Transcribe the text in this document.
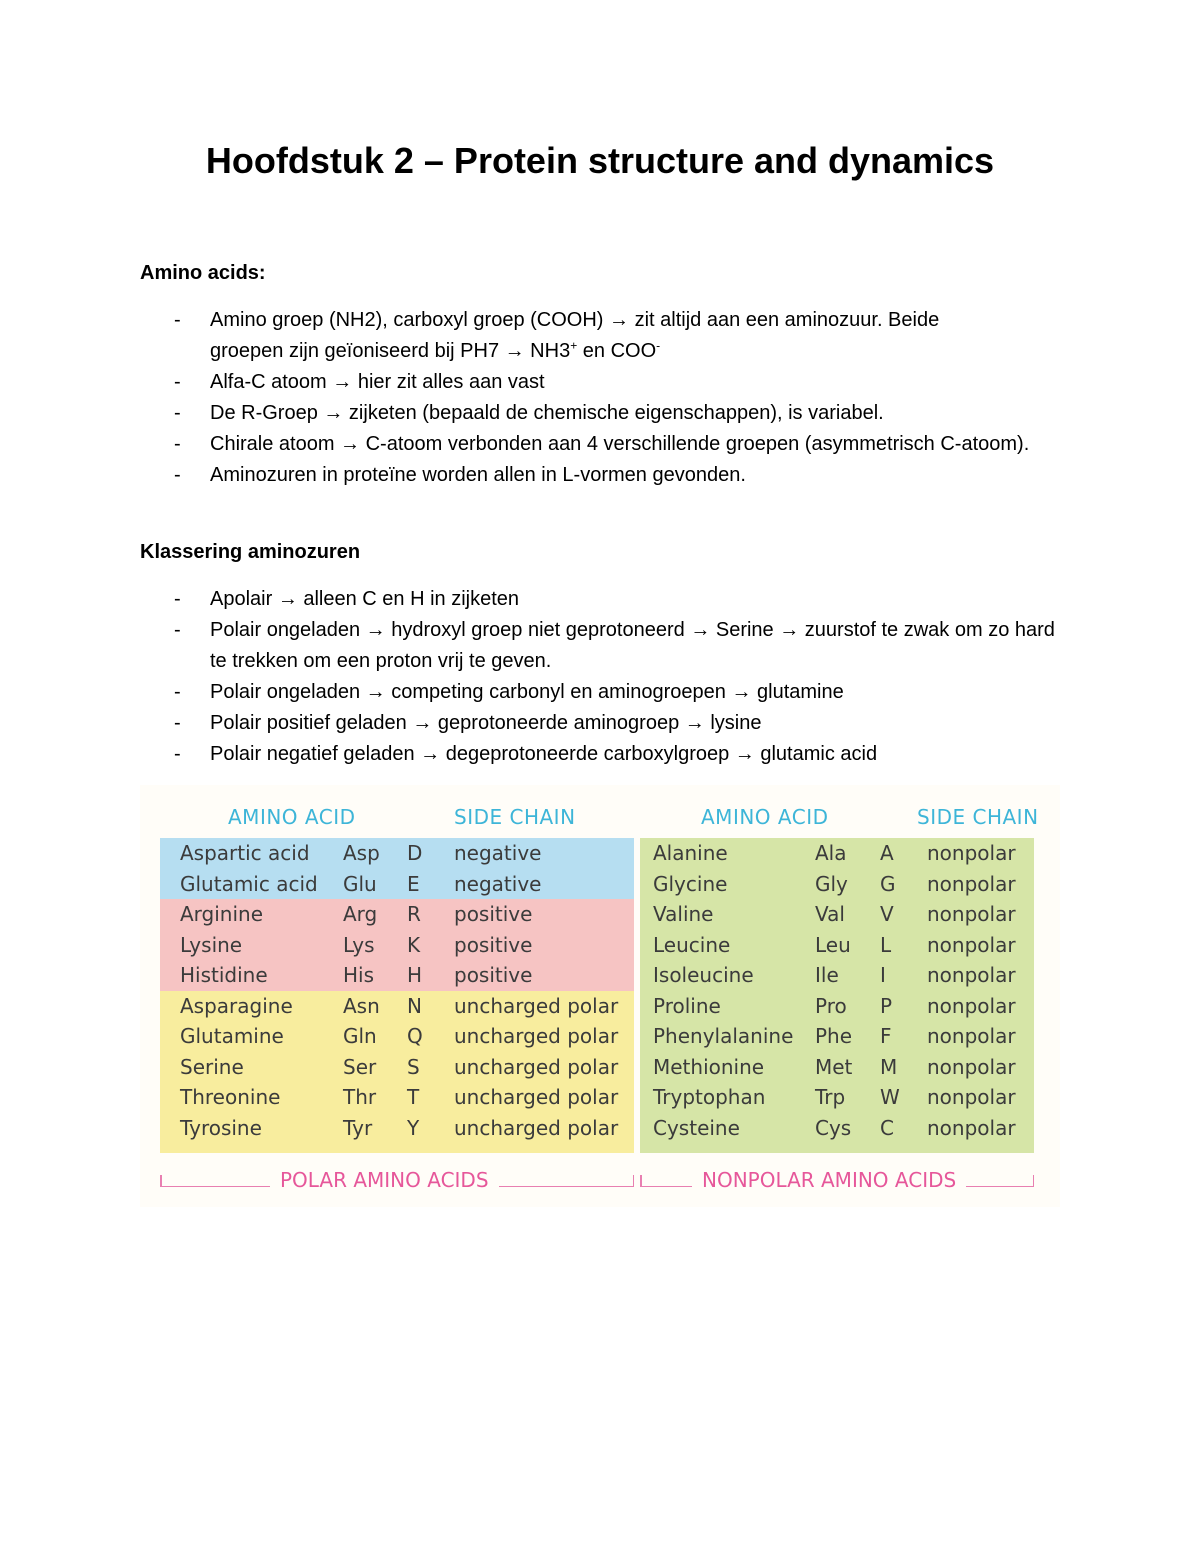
Hoofdstuk 2 – Protein structure and dynamics
Amino acids:
- Amino groep (NH2), carboxyl groep (COOH) → zit altijd aan een aminozuur. Beide
groepen zijn geïoniseerd bij PH7 → NH3+ en COO-
- Alfa-C atoom → hier zit alles aan vast
- De R-Groep → zijketen (bepaald de chemische eigenschappen), is variabel.
- Chirale atoom → C-atoom verbonden aan 4 verschillende groepen (asymmetrisch C-atoom).
- Aminozuren in proteïne worden allen in L-vormen gevonden.
Klassering aminozuren
- Apolair → alleen C en H in zijketen
- Polair ongeladen → hydroxyl groep niet geprotoneerd → Serine → zuurstof te zwak om zo hard te trekken om een proton vrij te geven.
- Polair ongeladen → competing carbonyl en aminogroepen → glutamine
- Polair positief geladen → geprotoneerde aminogroep → lysine
- Polair negatief geladen → degeprotoneerde carboxylgroep → glutamic acid
AMINO ACID	SIDE CHAIN	AMINO ACID	SIDE CHAIN
Aspartic acid Asp D negative
Glutamic acid Glu E negative
Arginine	Arg R positive
Lysine	Lys K positive
Histidine	His H positive
Asparagine	Asn N uncharged polar
Glutamine	Gln Q uncharged polar
Serine	Ser S uncharged polar
Threonine	Thr T uncharged polar
Tyrosine	Tyr Y uncharged polar
Alanine	Ala A nonpolar
Glycine	Gly G nonpolar
Valine	Val V nonpolar
Leucine	Leu L nonpolar
Isoleucine	Ile I nonpolar
Proline	Pro P nonpolar
Phenylalanine Phe F nonpolar
Methionine	Met M nonpolar
Tryptophan Trp W nonpolar
Cysteine	Cys C nonpolar
POLAR AMINO ACIDS	NONPOLAR AMINO ACIDS
